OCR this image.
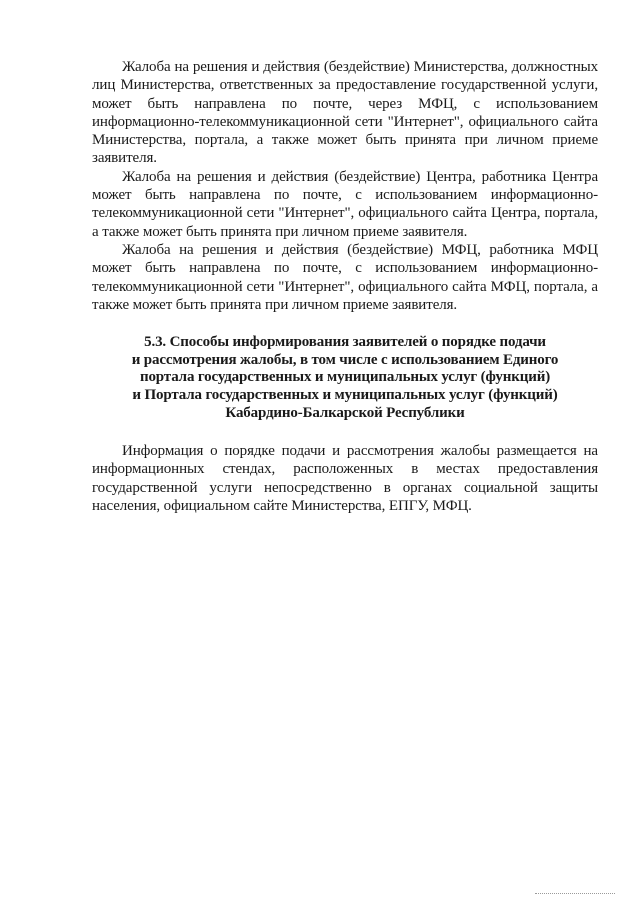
Жалоба на решения и действия (бездействие) Министерства, должностных лиц Министерства, ответственных за предоставление государственной услуги, может быть направлена по почте, через МФЦ, с использованием информационно-телекоммуникационной сети "Интернет", официального сайта Министерства, портала, а также может быть принята при личном приеме заявителя.

Жалоба на решения и действия (бездействие) Центра, работника Центра может быть направлена по почте, с использованием информационно-телекоммуникационной сети "Интернет", официального сайта Центра, портала, а также может быть принята при личном приеме заявителя.

Жалоба на решения и действия (бездействие) МФЦ, работника МФЦ может быть направлена по почте, с использованием информационно-телекоммуникационной сети "Интернет", официального сайта МФЦ, портала, а также может быть принята при личном приеме заявителя.

5.3. Способы информирования заявителей о порядке подачи
и рассмотрения жалобы, в том числе с использованием Единого
портала государственных и муниципальных услуг (функций)
и Портала государственных и муниципальных услуг (функций)
Кабардино-Балкарской Республики

Информация о порядке подачи и рассмотрения жалобы размещается на информационных стендах, расположенных в местах предоставления государственной услуги непосредственно в органах социальной защиты населения, официальном сайте Министерства, ЕПГУ, МФЦ.
